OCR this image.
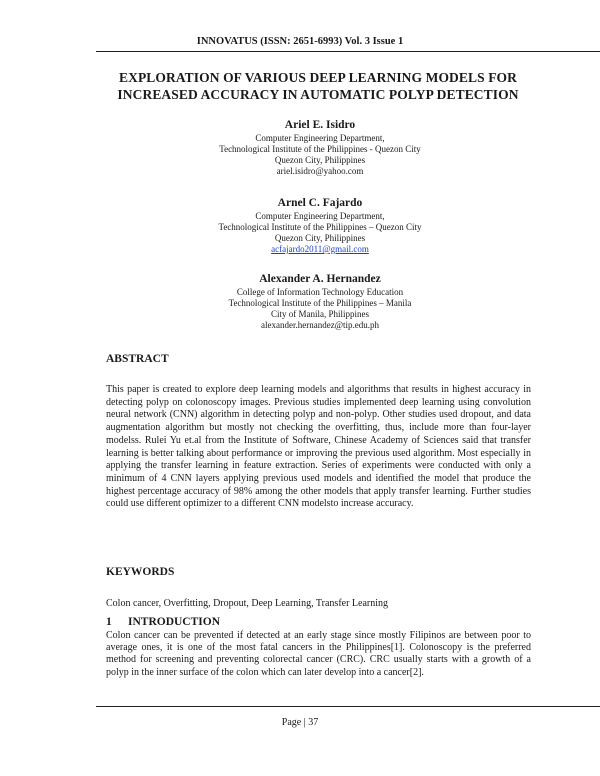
INNOVATUS (ISSN: 2651-6993) Vol. 3 Issue 1
EXPLORATION OF VARIOUS DEEP LEARNING MODELS FOR
INCREASED ACCURACY IN AUTOMATIC POLYP DETECTION
Ariel E. Isidro
Computer Engineering Department,
Technological Institute of the Philippines - Quezon City
Quezon City, Philippines
ariel.isidro@yahoo.com
Arnel C. Fajardo
Computer Engineering Department,
Technological Institute of the Philippines – Quezon City
Quezon City, Philippines
acfajardo2011@gmail.com
Alexander A. Hernandez
College of Information Technology Education
Technological Institute of the Philippines – Manila
City of Manila, Philippines
alexander.hernandez@tip.edu.ph
ABSTRACT

This paper is created to explore deep learning models and algorithms that results in highest accuracy in detecting polyp on colonoscopy images. Previous studies implemented deep learning using convolution neural network (CNN) algorithm in detecting polyp and non-polyp. Other studies used dropout, and data augmentation algorithm but mostly not checking the overfitting, thus, include more than four-layer modelss. Rulei Yu et.al from the Institute of Software, Chinese Academy of Sciences said that transfer learning is better talking about performance or improving the previous used algorithm. Most especially in applying the transfer learning in feature extraction. Series of experiments were conducted with only a minimum of 4 CNN layers applying previous used models and identified the model that produce the highest percentage accuracy of 98% among the other models that apply transfer learning. Further studies could use different optimizer to a different CNN modelsto increase accuracy.

KEYWORDS

Colon cancer, Overfitting, Dropout, Deep Learning, Transfer Learning

1 INTRODUCTION

Colon cancer can be prevented if detected at an early stage since mostly Filipinos are between poor to average ones, it is one of the most fatal cancers in the Philippines[1]. Colonoscopy is the preferred method for screening and preventing colorectal cancer (CRC). CRC usually starts with a growth of a polyp in the inner surface of the colon which can later develop into a cancer[2].

Page | 37
